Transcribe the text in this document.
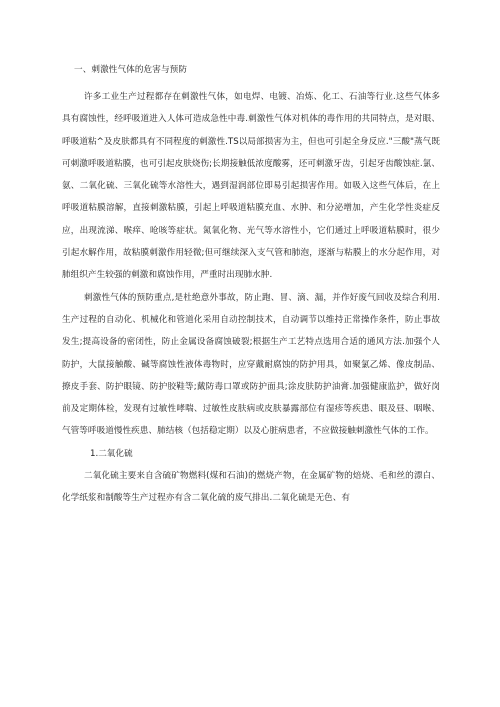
一、刺激性气体的危害与预防

许多工业生产过程都存在刺激性气体，如电焊、电镀、冶炼、化工、石油等行业.这些气体多具有腐蚀性，经呼吸道进入人体可造成急性中毒.刺激性气体对机体的毒作用的共同特点，是对眼、呼吸道粘^及皮肤都具有不同程度的刺激性.TS以局部损害为主，但也可引起全身反应."三酸"蒸气既可刺激呼吸道粘膜，也可引起皮肤烧伤;长期接触低浓度酸雾，还可刺激牙齿，引起牙齿酸蚀症.氯、氨、二氧化硫、三氧化硫等水溶性大，遇到湿润部位即易引起损害作用。如吸入这些气体后，在上呼吸道粘膜溶解，直接刺激粘膜，引起上呼吸道粘膜充血、水肿、和分泌增加，产生化学性炎症反应，出现流涕、喉痒、呛咳等症状。氮氧化物、光气等水溶性小，它们通过上呼吸道粘膜时，很少引起水解作用，故粘膜刺激作用轻微;但可继续深入支气管和肺泡，逐渐与粘膜上的水分起作用，对肺组织产生较强的刺激和腐蚀作用，严重时出现肺水肿.

刺激性气体的预防重点,是杜绝意外事故，防止跑、冒、滴、漏，并作好废气回收及综合利用.生产过程的自动化、机械化和管道化采用自动控制技术，自动调节以维持正常操作条件，防止事故发生;提高设备的密闭性，防止金属设备腐蚀破裂;根据生产工艺特点选用合适的通风方法.加强个人防护，大鼠接触酸、碱等腐蚀性液体毒物时，应穿戴耐腐蚀的防护用具，如聚氯乙烯、像皮制品、撩皮手套、防护眼镜、防护胶鞋等;戴防毒口罩或防护面具;涂皮肤防护油膏.加强健康监护，做好岗前及定期体检，发现有过敏性哮喘、过敏性皮肤病或皮肤暴露部位有湿疹等疾患、眼及昼、咽喉、气管等呼吸道慢性疾患、肺结核（包括稳定期）以及心脏病患者，不应做接触刺激性气体的工作。

1.二氧化硫

二氧化硫主要来自含硫矿物燃料(煤和石油)的燃烧产物，在金属矿物的焙烧、毛和丝的漂白、化学纸浆和制酸等生产过程亦有含二氧化硫的废气排出.二氧化硫是无色、有
